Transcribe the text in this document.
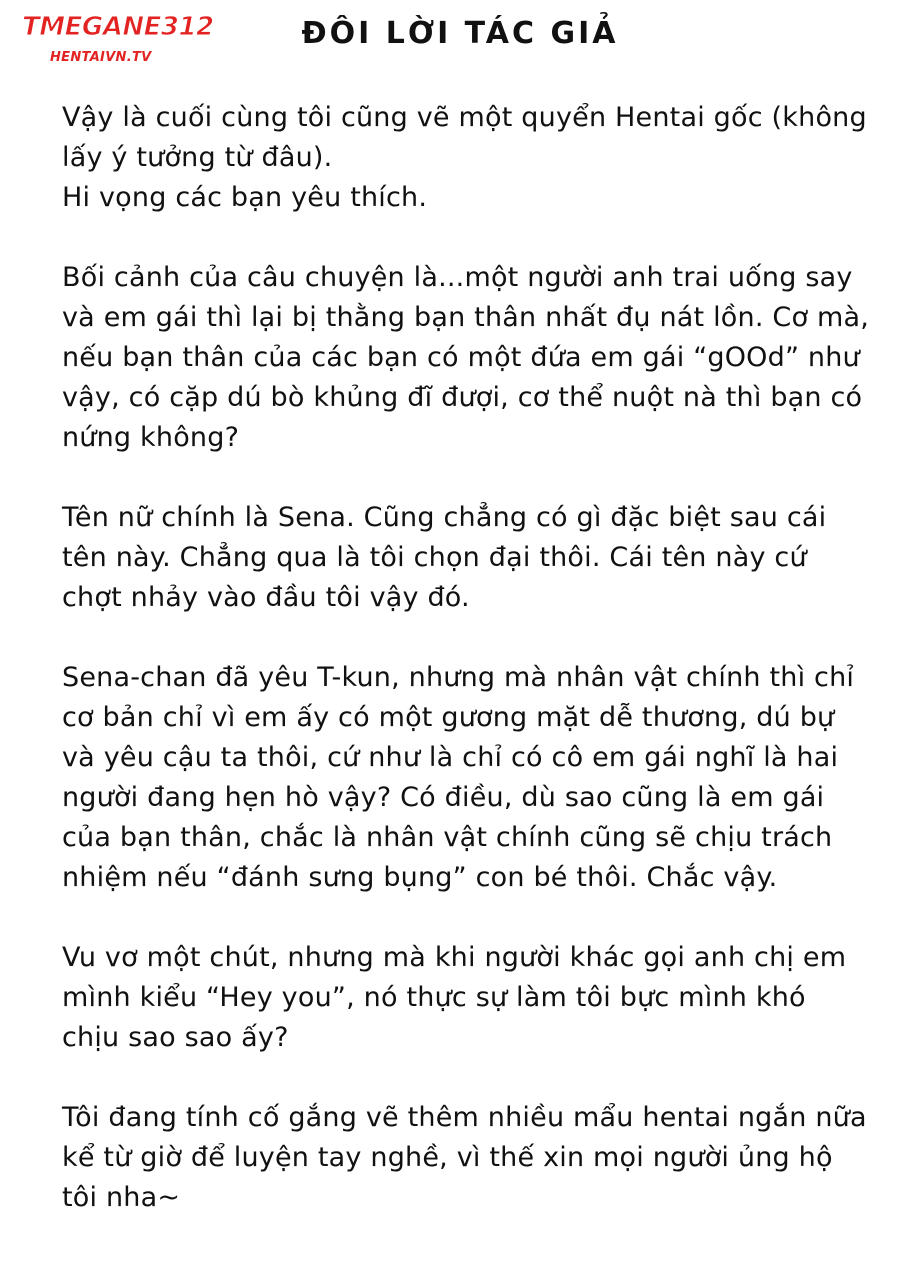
TMEGANE312
HENTAIVN.TV
ĐÔI LỜI TÁC GIẢ
Vậy là cuối cùng tôi cũng vẽ một quyển Hentai gốc (không
lấy ý tưởng từ đâu).
Hi vọng các bạn yêu thích.
Bối cảnh của câu chuyện là...một người anh trai uống say
và em gái thì lại bị thằng bạn thân nhất đụ nát lồn. Cơ mà,
nếu bạn thân của các bạn có một đứa em gái “gOOd” như
vậy, có cặp dú bò khủng đĩ đượi, cơ thể nuột nà thì bạn có
nứng không?
Tên nữ chính là Sena. Cũng chẳng có gì đặc biệt sau cái
tên này. Chẳng qua là tôi chọn đại thôi. Cái tên này cứ
chợt nhảy vào đầu tôi vậy đó.
Sena-chan đã yêu T-kun, nhưng mà nhân vật chính thì chỉ
cơ bản chỉ vì em ấy có một gương mặt dễ thương, dú bự
và yêu cậu ta thôi, cứ như là chỉ có cô em gái nghĩ là hai
người đang hẹn hò vậy? Có điều, dù sao cũng là em gái
của bạn thân, chắc là nhân vật chính cũng sẽ chịu trách
nhiệm nếu “đánh sưng bụng” con bé thôi. Chắc vậy.
Vu vơ một chút, nhưng mà khi người khác gọi anh chị em
mình kiểu “Hey you”, nó thực sự làm tôi bực mình khó
chịu sao sao ấy?
Tôi đang tính cố gắng vẽ thêm nhiều mẩu hentai ngắn nữa
kể từ giờ để luyện tay nghề, vì thế xin mọi người ủng hộ
tôi nha~
